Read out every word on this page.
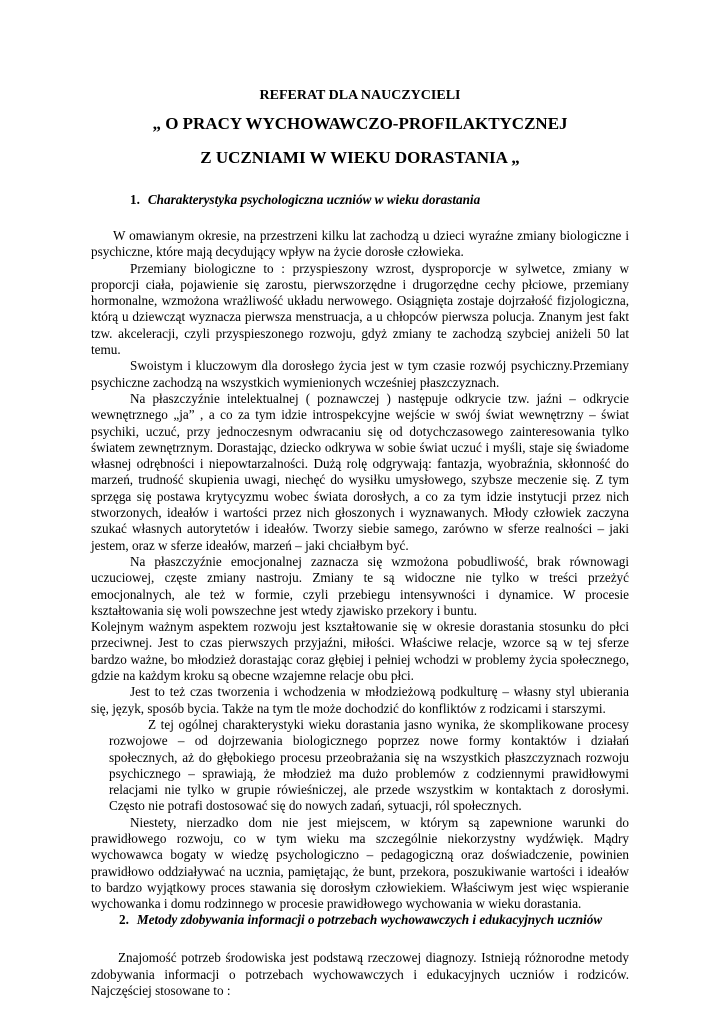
REFERAT DLA NAUCZYCIELI
„ O PRACY WYCHOWAWCZO-PROFILAKTYCZNEJ
Z UCZNIAMI W WIEKU DORASTANIA „
1. Charakterystyka psychologiczna uczniów w wieku dorastania

W omawianym okresie, na przestrzeni kilku lat zachodzą u dzieci wyraźne zmiany biologiczne i psychiczne, które mają decydujący wpływ na życie dorosłe człowieka.

Przemiany biologiczne to : przyspieszony wzrost, dysproporcje w sylwetce, zmiany w proporcji ciała, pojawienie się zarostu, pierwszorzędne i drugorzędne cechy płciowe, przemiany hormonalne, wzmożona wrażliwość układu nerwowego. Osiągnięta zostaje dojrzałość fizjologiczna, którą u dziewcząt wyznacza pierwsza menstruacja, a u chłopców pierwsza polucja. Znanym jest fakt tzw. akceleracji, czyli przyspieszonego rozwoju, gdyż zmiany te zachodzą szybciej aniżeli 50 lat temu.

Swoistym i kluczowym dla dorosłego życia jest w tym czasie rozwój psychiczny.Przemiany psychiczne zachodzą na wszystkich wymienionych wcześniej płaszczyznach.

Na płaszczyźnie intelektualnej ( poznawczej ) następuje odkrycie tzw. jaźni – odkrycie wewnętrznego „ja” , a co za tym idzie introspekcyjne wejście w swój świat wewnętrzny – świat psychiki, uczuć, przy jednoczesnym odwracaniu się od dotychczasowego zainteresowania tylko światem zewnętrznym. Dorastając, dziecko odkrywa w sobie świat uczuć i myśli, staje się świadome własnej odrębności i niepowtarzalności. Dużą rolę odgrywają: fantazja, wyobraźnia, skłonność do marzeń, trudność skupienia uwagi, niechęć do wysiłku umysłowego, szybsze meczenie się. Z tym sprzęga się postawa krytycyzmu wobec świata dorosłych, a co za tym idzie instytucji przez nich stworzonych, ideałów i wartości przez nich głoszonych i wyznawanych. Młody człowiek zaczyna szukać własnych autorytetów i ideałów. Tworzy siebie samego, zarówno w sferze realności – jaki jestem, oraz w sferze ideałów, marzeń – jaki chciałbym być.

Na płaszczyźnie emocjonalnej zaznacza się wzmożona pobudliwość, brak równowagi uczuciowej, częste zmiany nastroju. Zmiany te są widoczne nie tylko w treści przeżyć emocjonalnych, ale też w formie, czyli przebiegu intensywności i dynamice. W procesie kształtowania się woli powszechne jest wtedy zjawisko przekory i buntu.

Kolejnym ważnym aspektem rozwoju jest kształtowanie się w okresie dorastania stosunku do płci przeciwnej. Jest to czas pierwszych przyjaźni, miłości. Właściwe relacje, wzorce są w tej sferze bardzo ważne, bo młodzież dorastając coraz głębiej i pełniej wchodzi w problemy życia społecznego, gdzie na każdym kroku są obecne wzajemne relacje obu płci.

Jest to też czas tworzenia i wchodzenia w młodzieżową podkulturę – własny styl ubierania się, język, sposób bycia. Także na tym tle może dochodzić do konfliktów z rodzicami i starszymi.

Z tej ogólnej charakterystyki wieku dorastania jasno wynika, że skomplikowane procesy rozwojowe – od dojrzewania biologicznego poprzez nowe formy kontaktów i działań społecznych, aż do głębokiego procesu przeobrażania się na wszystkich płaszczyznach rozwoju psychicznego – sprawiają, że młodzież ma dużo problemów z codziennymi prawidłowymi relacjami nie tylko w grupie rówieśniczej, ale przede wszystkim w kontaktach z dorosłymi. Często nie potrafi dostosować się do nowych zadań, sytuacji, ról społecznych.

Niestety, nierzadko dom nie jest miejscem, w którym są zapewnione warunki do prawidłowego rozwoju, co w tym wieku ma szczególnie niekorzystny wydźwięk. Mądry wychowawca bogaty w wiedzę psychologiczno – pedagogiczną oraz doświadczenie, powinien prawidłowo oddziaływać na ucznia, pamiętając, że bunt, przekora, poszukiwanie wartości i ideałów to bardzo wyjątkowy proces stawania się dorosłym człowiekiem. Właściwym jest więc wspieranie wychowanka i domu rodzinnego w procesie prawidłowego wychowania w wieku dorastania.

2. Metody zdobywania informacji o potrzebach wychowawczych i edukacyjnych uczniów

Znajomość potrzeb środowiska jest podstawą rzeczowej diagnozy. Istnieją różnorodne metody zdobywania informacji o potrzebach wychowawczych i edukacyjnych uczniów i rodziców. Najczęściej stosowane to :
